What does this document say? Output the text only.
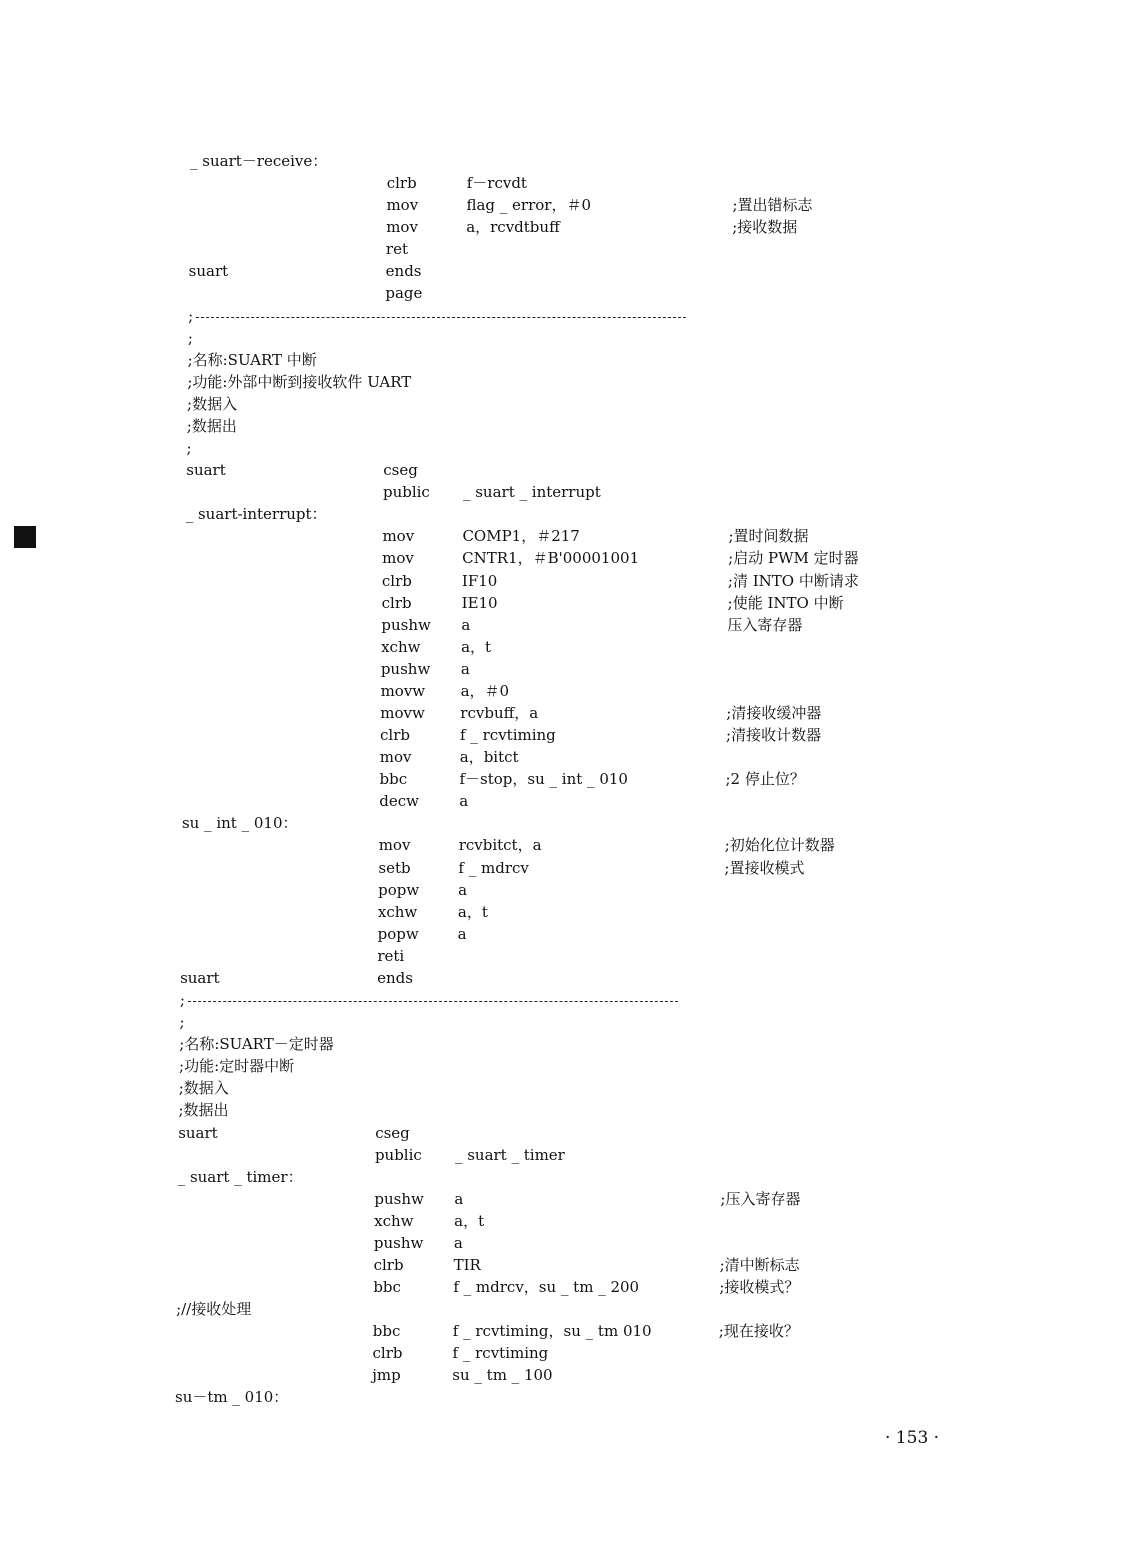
_ suart－receive：
clrb	f－rcvdt
mov	flag _ error，＃0	;置出错标志
mov	a，rcvdtbuff	;接收数据
ret
suart	ends
page
;
;
;名称:SUART 中断
;功能:外部中断到接收软件 UART
;数据入
;数据出
;
suart	cseg
public _ suart _ interrupt
_ suart-interrupt：
mov	COMP1，＃217	;置时间数据
mov	CNTR1，＃B'00001001	;启动 PWM 定时器
clrb	IF10	;清 INTO 中断请求
clrb	IE10	;使能 INTO 中断
pushw a	压入寄存器
xchw	a，t
pushw a
movw a，＃0
movw rcvbuff，a	;清接收缓冲器
clrb	f _ rcvtiming	;清接收计数器
mov	a，bitct
bbc	f－stop，su _ int _ 010	;2 停止位？
decw	a
su _ int _ 010：
mov	rcvbitct，a	;初始化位计数器
setb	f _ mdrcv	;置接收模式
popw	a
xchw	a，t
popw	a
reti
suart	ends
;
;
;名称:SUART－定时器
;功能:定时器中断
;数据入
;数据出
suart	cseg
public _ suart _ timer
_ suart _ timer：
pushw a	;压入寄存器
xchw	a，t
pushw a
clrb	TIR	;清中断标志
bbc	f _ mdrcv，su _ tm _ 200	;接收模式？
;//接收处理
bbc	f _ rcvtiming，su _ tm 010	;现在接收？
clrb	f _ rcvtiming
jmp	su _ tm _ 100
su－tm _ 010：
· 153 ·
